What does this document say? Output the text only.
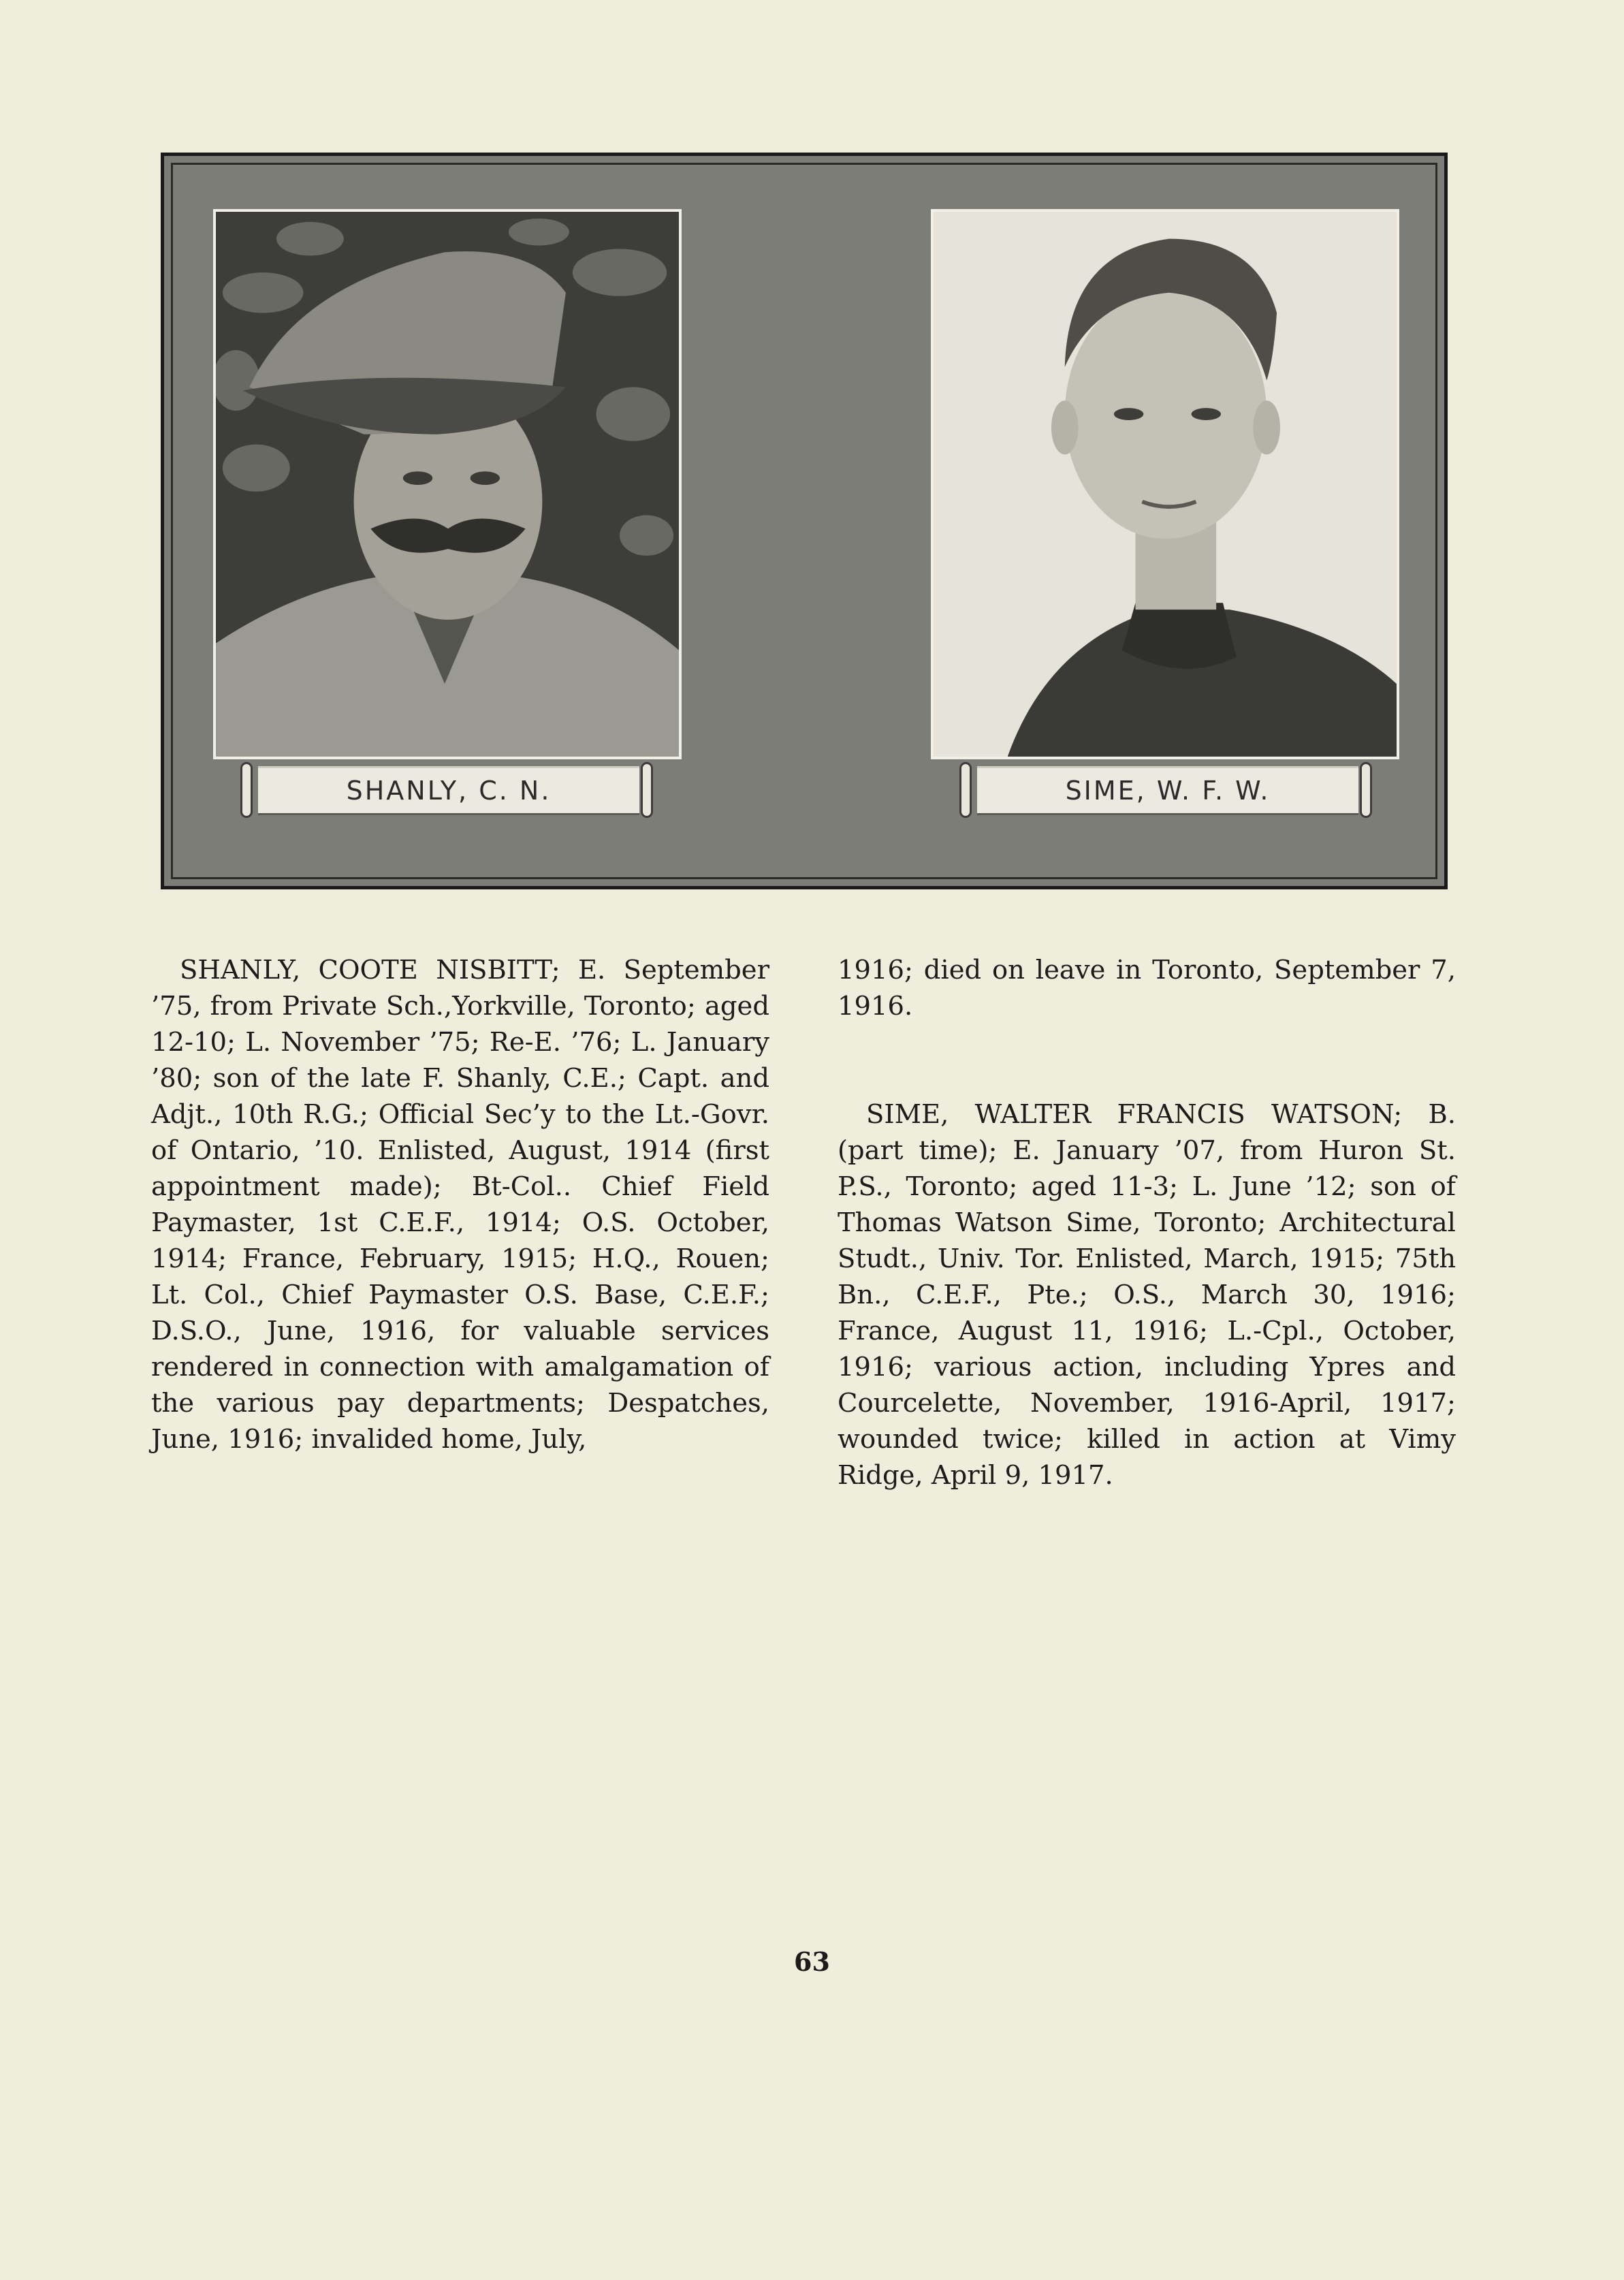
SHANLY, C. N.	SIME, W. F. W.

SHANLY, COOTE NISBITT; E. September ’75, from Private Sch.,Yorkville, Toronto; aged 12-10; L. November ’75; Re-E. ’76; L. January ’80; son of the late F. Shanly, C.E.; Capt. and Adjt., 10th R.G.; Official Sec’y to the Lt.-Govr. of Ontario, ’10. Enlisted, August, 1914 (first appointment made); Bt-Col.. Chief Field Paymaster, 1st C.E.F., 1914; O.S. October, 1914; France, February, 1915; H.Q., Rouen; Lt. Col., Chief Paymaster O.S. Base, C.E.F.; D.S.O., June, 1916, for valuable services rendered in connection with amalgamation of the various pay departments; Despatches, June, 1916; invalided home, July,

1916; died on leave in Toronto, September 7, 1916.

SIME, WALTER FRANCIS WATSON; B. (part time); E. January ’07, from Huron St. P.S., Toronto; aged 11-3; L. June ’12; son of Thomas Watson Sime, Toronto; Architectural Studt., Univ. Tor. Enlisted, March, 1915; 75th Bn., C.E.F., Pte.; O.S., March 30, 1916; France, August 11, 1916; L.-Cpl., October, 1916; various action, including Ypres and Courcelette, November, 1916-April, 1917; wounded twice; killed in action at Vimy Ridge, April 9, 1917.

63
